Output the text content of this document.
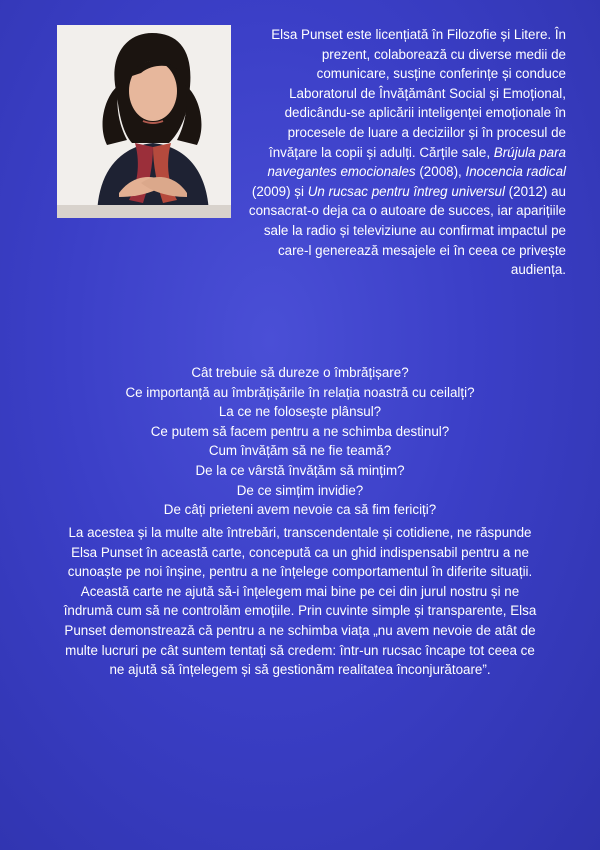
Elsa Punset este licențiată în Filozofie și Litere. În prezent, colaborează cu diverse medii de comunicare, susține conferințe și conduce Laboratorul de Învățământ Social și Emoțional, dedicându-se aplicării inteligenței emoționale în procesele de luare a deciziilor și în procesul de învățare la copii și adulți. Cărțile sale, Brújula para navegantes emocionales (2008), Inocencia radical (2009) și Un rucsac pentru întreg universul (2012) au consacrat-o deja ca o autoare de succes, iar aparițiile sale la radio și televiziune au confirmat impactul pe care-l generează mesajele ei în ceea ce privește audiența.

Cât trebuie să dureze o îmbrățișare?
Ce importanță au îmbrățișările în relația noastră cu ceilalți?
La ce ne folosește plânsul?
Ce putem să facem pentru a ne schimba destinul?
Cum învățăm să ne fie teamă?
De la ce vârstă învățăm să mințim?
De ce simțim invidie?
De câți prieteni avem nevoie ca să fim fericiți?

La acestea și la multe alte întrebări, transcendentale și cotidiene, ne răspunde Elsa Punset în această carte, concepută ca un ghid indispensabil pentru a ne cunoaște pe noi înșine, pentru a ne înțelege comportamentul în diferite situații. Această carte ne ajută să-i înțelegem mai bine pe cei din jurul nostru și ne îndrumă cum să ne controlăm emoțiile. Prin cuvinte simple și transparente, Elsa Punset demonstrează că pentru a ne schimba viața „nu avem nevoie de atât de multe lucruri pe cât suntem tentați să credem: într-un rucsac încape tot ceea ce ne ajută să înțelegem și să gestionăm realitatea înconjurătoare”.
